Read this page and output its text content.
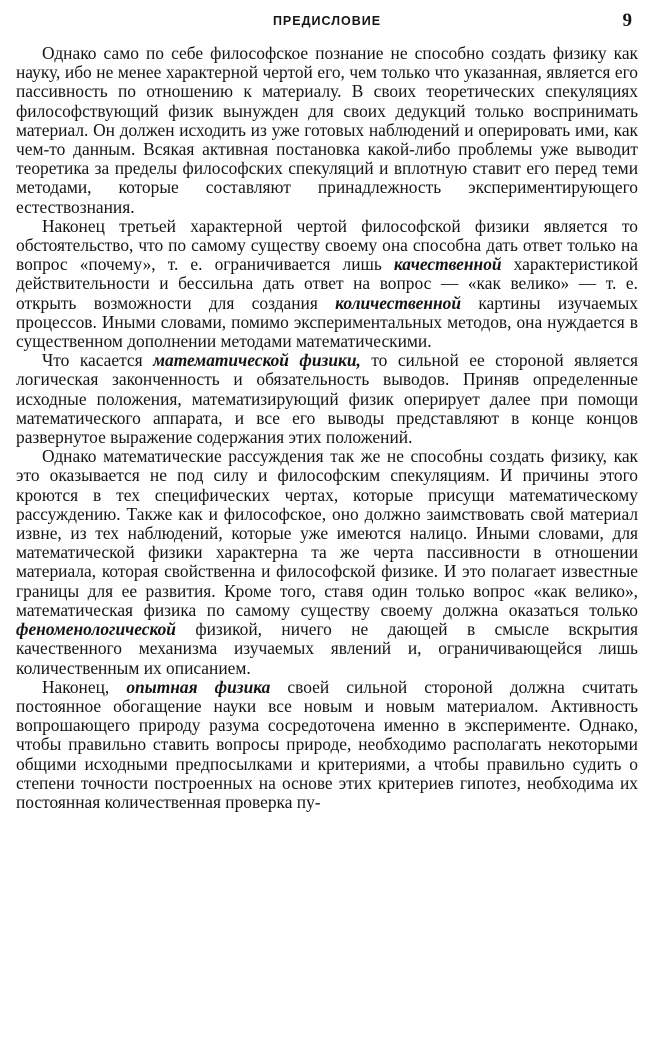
ПРЕДИСЛОВИЕ	9

Однако само по себе философское познание не способно создать физику как науку, ибо не менее характерной чертой его, чем только что указанная, является его пассивность по отношению к материалу. В своих теоретических спекуляциях философствующий физик вынужден для своих дедукций только воспринимать материал. Он должен исходить из уже готовых наблюдений и оперировать ими, как чем-то данным. Всякая активная постановка какой-либо проблемы уже выводит теоретика за пределы философских спекуляций и вплотную ставит его перед теми методами, которые составляют принадлежность экспериментирующего естествознания.

Наконец третьей характерной чертой философской физики является то обстоятельство, что по самому существу своему она способна дать ответ только на вопрос «почему», т. е. ограничивается лишь качественной характеристикой действительности и бессильна дать ответ на вопрос — «как велико» — т. е. открыть возможности для создания количественной картины изучаемых процессов. Иными словами, помимо экспериментальных методов, она нуждается в существенном дополнении методами математическими.

Что касается математической физики, то сильной ее стороной является логическая законченность и обязательность выводов. Приняв определенные исходные положения, математизирующий физик оперирует далее при помощи математического аппарата, и все его выводы представляют в конце концов развернутое выражение содержания этих положений.

Однако математические рассуждения так же не способны создать физику, как это оказывается не под силу и философским спекуляциям. И причины этого кроются в тех специфических чертах, которые присущи математическому рассуждению. Также как и философское, оно должно заимствовать свой материал извне, из тех наблюдений, которые уже имеются налицо. Иными словами, для математической физики характерна та же черта пассивности в отношении материала, которая свойственна и философской физике. И это полагает известные границы для ее развития. Кроме того, ставя один только вопрос «как велико», математическая физика по самому существу своему должна оказаться только феноменологической физикой, ничего не дающей в смысле вскрытия качественного механизма изучаемых явлений и, ограничивающейся лишь количественным их описанием.

Наконец, опытная физика своей сильной стороной должна считать постоянное обогащение науки все новым и новым материалом. Активность вопрошающего природу разума сосредоточена именно в эксперименте. Однако, чтобы правильно ставить вопросы природе, необходимо располагать некоторыми общими исходными предпосылками и критериями, а чтобы правильно судить о степени точности построенных на основе этих критериев гипотез, необходима их постоянная количественная проверка пу-
